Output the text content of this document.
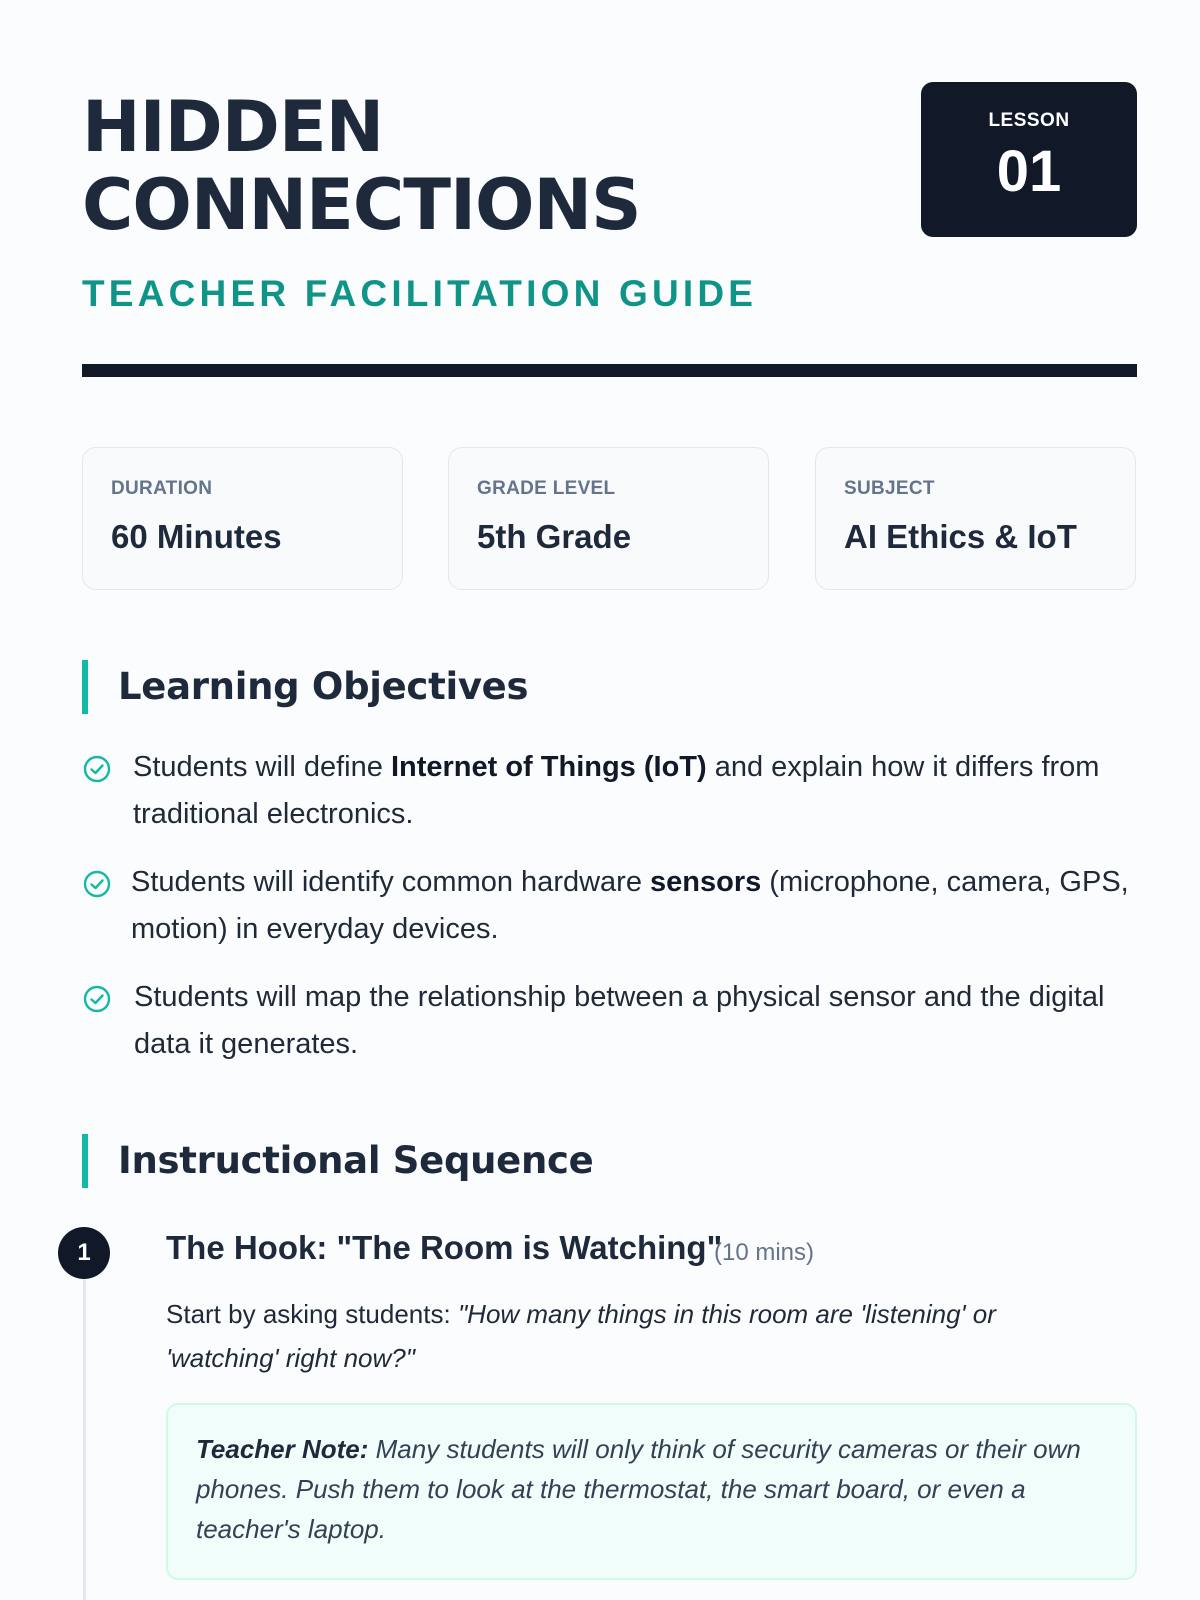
HIDDEN
CONNECTIONS
TEACHER FACILITATION GUIDE
LESSON
01
DURATION
60 Minutes
GRADE LEVEL
5th Grade
SUBJECT
AI Ethics & IoT
Learning Objectives
Students will define Internet of Things (IoT) and explain how it differs from traditional electronics.
Students will identify common hardware sensors (microphone, camera, GPS, motion) in everyday devices.
Students will map the relationship between a physical sensor and the digital data it generates.
Instructional Sequence
1	The Hook: "The Room is Watching"
(10 mins)
Start by asking students: "How many things in this room are 'listening' or 'watching' right now?"
Teacher Note: Many students will only think of security cameras or their own phones. Push them to look at the thermostat, the smart board, or even a teacher's laptop.
